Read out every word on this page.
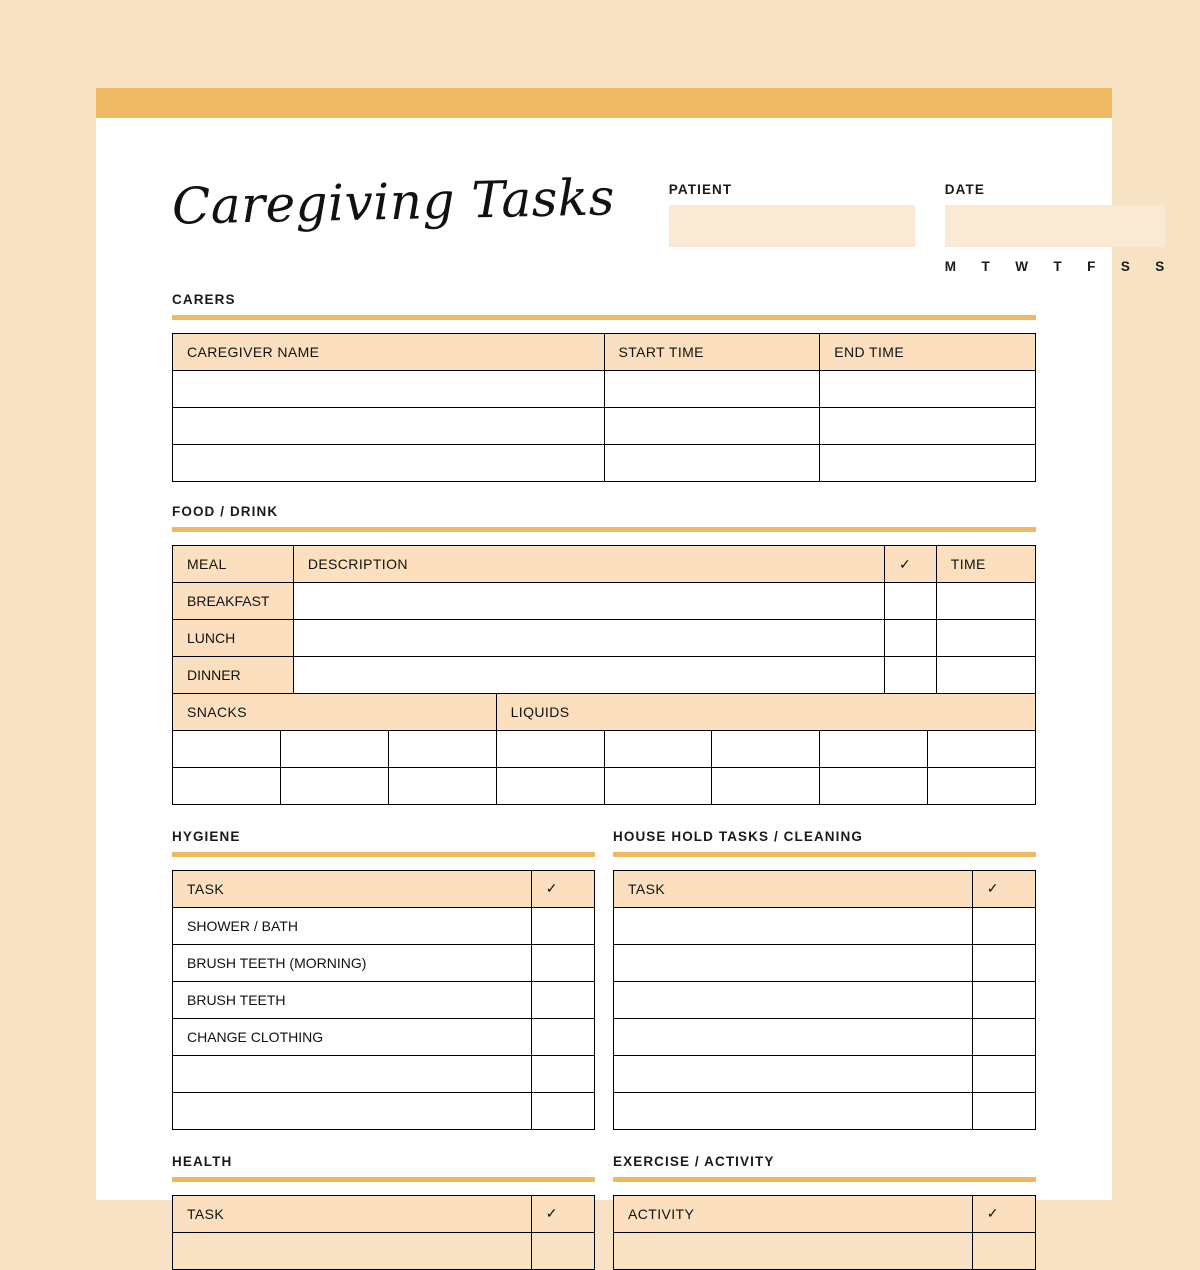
Caregiving Tasks	PATIENT	DATE
M T W T F S S
CARERS
CAREGIVER NAME	START TIME	END TIME

FOOD / DRINK
MEAL	DESCRIPTION	✓	TIME
BREAKFAST			
LUNCH			
DINNER			
SNACKS			LIQUIDS				

HYGIENE
TASK	✓
SHOWER / BATH	
BRUSH TEETH (MORNING)	
BRUSH TEETH	
CHANGE CLOTHING	

HOUSE HOLD TASKS / CLEANING
TASK	✓

HEALTH
TASK	✓

EXERCISE / ACTIVITY
ACTIVITY	✓
